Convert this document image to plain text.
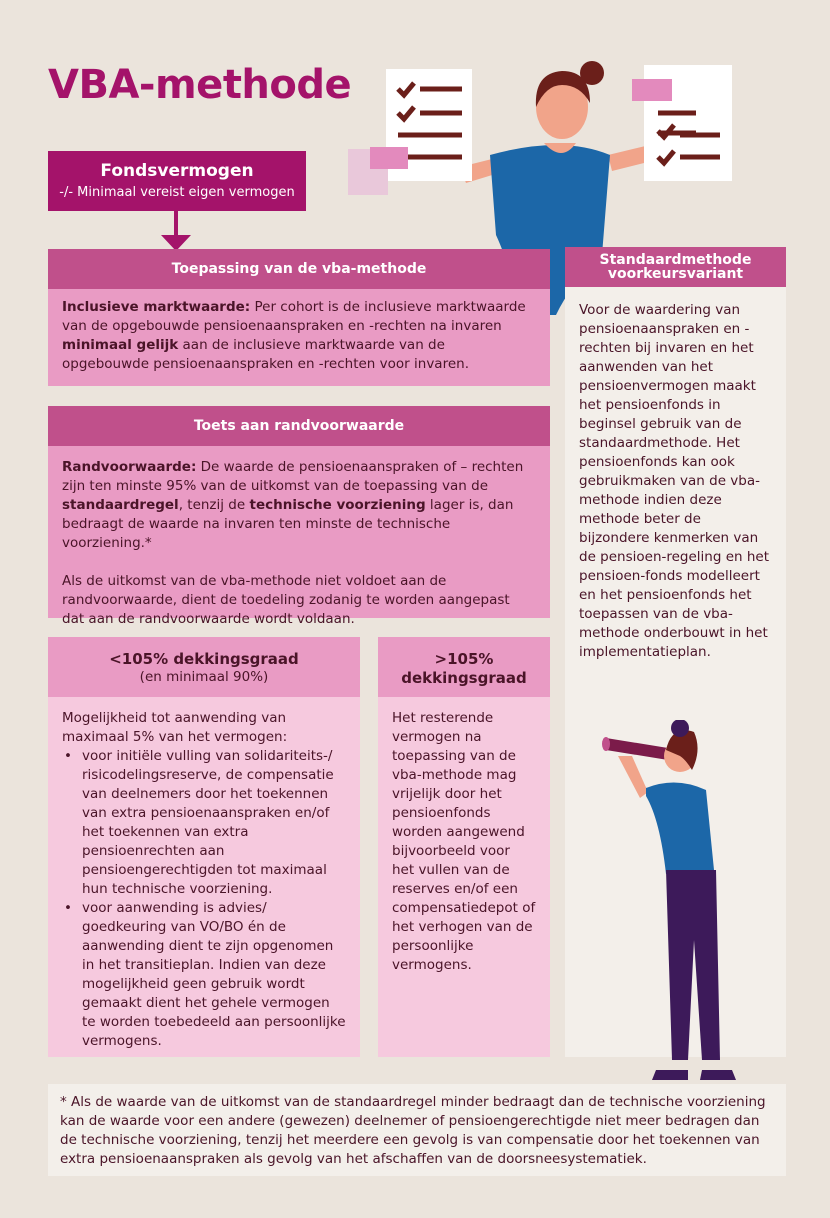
VBA-methode
Fondsvermogen
-/- Minimaal vereist eigen vermogen
Toepassing van de vba-methode
Inclusieve marktwaarde: Per cohort is de inclusieve marktwaarde van de opgebouwde pensioenaanspraken en -rechten na invaren minimaal gelijk aan de inclusieve marktwaarde van de opgebouwde pensioenaanspraken en -rechten voor invaren.
Toets aan randvoorwaarde

Randvoorwaarde: De waarde de pensioenaanspraken of – rechten zijn ten minste 95% van de uitkomst van de toepassing van de standaardregel, tenzij de technische voorziening lager is, dan bedraagt de waarde na invaren ten minste de technische voorziening.*

Als de uitkomst van de vba-methode niet voldoet aan de randvoorwaarde, dient de toedeling zodanig te worden aangepast dat aan de randvoorwaarde wordt voldaan.

<105% dekkingsgraad
(en minimaal 90%)

Mogelijkheid tot aanwending van maximaal 5% van het vermogen:

• voor initiële vulling van solidariteits-/ risicodelingsreserve, de compensatie van deelnemers door het toekennen van extra pensioenaanspraken en/of het toekennen van extra pensioenrechten aan pensioengerechtigden tot maximaal hun technische voorziening.
• voor aanwending is advies/ goedkeuring van VO/BO én de aanwending dient te zijn opgenomen in het transitieplan. Indien van deze mogelijkheid geen gebruik wordt gemaakt dient het gehele vermogen te worden toebedeeld aan persoonlijke vermogens.
>105%
dekkingsgraad

Het resterende vermogen na toepassing van de vba-methode mag vrijelijk door het pensioenfonds worden aangewend bijvoorbeeld voor het vullen van de reserves en/of een compensatiedepot of het verhogen van de persoonlijke vermogens.

Standaardmethode
voorkeursvariant

Voor de waardering van pensioenaanspraken en -rechten bij invaren en het aanwenden van het pensioenvermogen maakt het pensioenfonds in beginsel gebruik van de standaardmethode. Het pensioenfonds kan ook gebruikmaken van de vba-methode indien deze methode beter de bijzondere kenmerken van de pensioen-regeling en het pensioen-fonds modelleert en het pensioenfonds het toepassen van de vba-methode onderbouwt in het implementatieplan.

* Als de waarde van de uitkomst van de standaardregel minder bedraagt dan de technische voorziening kan de waarde voor een andere (gewezen) deelnemer of pensioengerechtigde niet meer bedragen dan de technische voorziening, tenzij het meerdere een gevolg is van compensatie door het toekennen van extra pensioenaanspraken als gevolg van het afschaffen van de doorsneesystematiek.
